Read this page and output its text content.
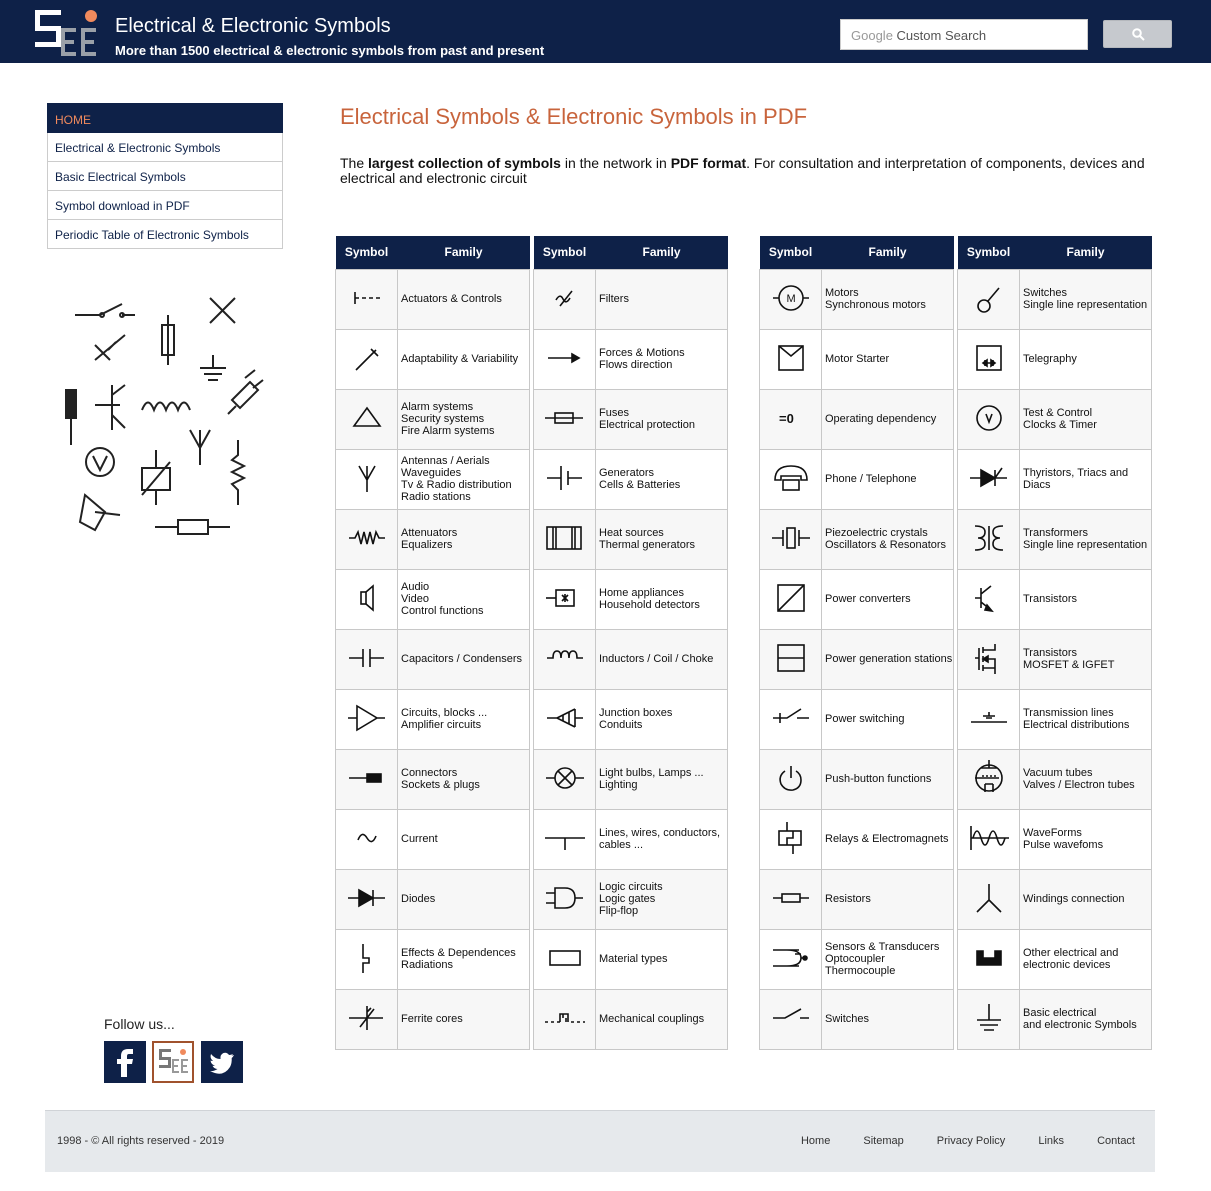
Electrical & Electronic Symbols
More than 1500 electrical & electronic symbols from past and present
Google Custom Search
HOME
Electrical & Electronic Symbols
Basic Electrical Symbols
Symbol download in PDF
Periodic Table of Electronic Symbols
Follow us...
Electrical Symbols & Electronic Symbols in PDF
The largest collection of symbols in the network in PDF format. For consultation and interpretation of components, devices and electrical and electronic circuit
Symbol	Family

Actuators & Controls

Adaptability & Variability

Alarm systems
Security systems
Fire Alarm systems

Antennas / Aerials
Waveguides
Tv & Radio distribution
Radio stations

Attenuators
Equalizers

Audio
Video
Control functions

Capacitors / Condensers

Circuits, blocks ...
Amplifier circuits

Connectors
Sockets & plugs

Current

Diodes

Effects & Dependences
Radiations

Ferrite cores
Symbol	Family

Filters

Forces & Motions
Flows direction

Fuses
Electrical protection

Generators
Cells & Batteries

Heat sources
Thermal generators

Home appliances
Household detectors

Inductors / Coil / Choke

Junction boxes
Conduits

Light bulbs, Lamps ...
Lighting

Lines, wires, conductors,
cables ...

Logic circuits
Logic gates
Flip-flop

Material types

Mechanical couplings
Symbol	Family

M	Motors
Synchronous motors

Motor Starter

=0	Operating dependency

Phone / Telephone

Piezoelectric crystals
Oscillators & Resonators

Power converters

Power generation stations

Power switching

Push-button functions

Relays & Electromagnets

Resistors

Sensors & Transducers
Optocoupler
Thermocouple

Switches
Symbol	Family

Switches
Single line representation

Telegraphy

Test & Control
Clocks & Timer

Thyristors, Triacs and
Diacs

Transformers
Single line representation

Transistors

Transistors
MOSFET & IGFET

Transmission lines
Electrical distributions

Vacuum tubes
Valves / Electron tubes

WaveForms
Pulse wavefoms

Windings connection

Other electrical and
electronic devices

Basic electrical
and electronic Symbols
1998 - © All rights reserved - 2019	Home	Sitemap	Privacy Policy	Links	Contact
